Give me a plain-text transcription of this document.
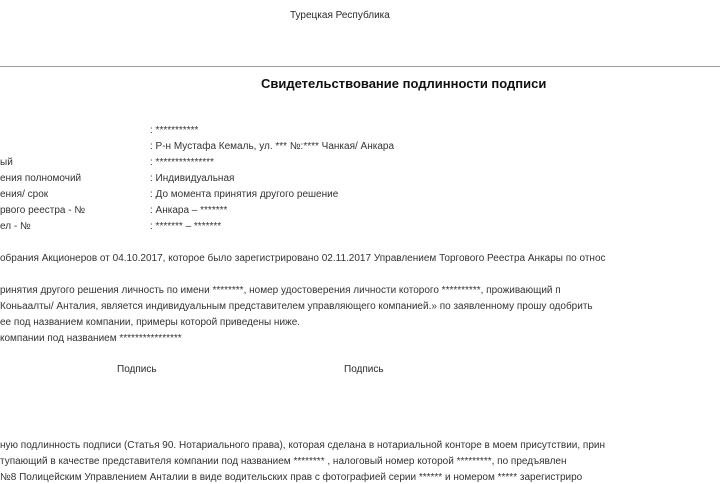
Турецкая Республика
Свидетельствование подлинности подписи
: ***********
: Р-н Мустафа Кемаль, ул. *** №:**** Чанкая/ Анкара
ый	: ***************
ения полномочий	: Индивидуальная
ения/ срок	: До момента принятия другого решение
рвого реестра - №	: Анкара – *******
ел - №	: ******* – *******
обрания Акционеров от 04.10.2017, которое было зарегистрировано 02.11.2017 Управлением Торгового Реестра Анкары по относ
ринятия другого решения личность по имени ********, номер удостоверения личности которого **********, проживающий п
Коньаалты/ Анталия, является индивидуальным представителем управляющего компанией.» по заявленному прошу одобрить
ее под названием компании, примеры которой приведены ниже.
компании под названием ****************
Подпись	Подпись
ную подлинность подписи (Статья 90. Нотариального права), которая сделана в нотариальной конторе в моем присутствии, прин
тупающий в качестве представителя компании под названием ******** , налоговый номер которой *********, по предъявлен
№8 Полицейским Управлением Анталии в виде водительских прав с фотографией серии ****** и номером ***** зарегистриро
